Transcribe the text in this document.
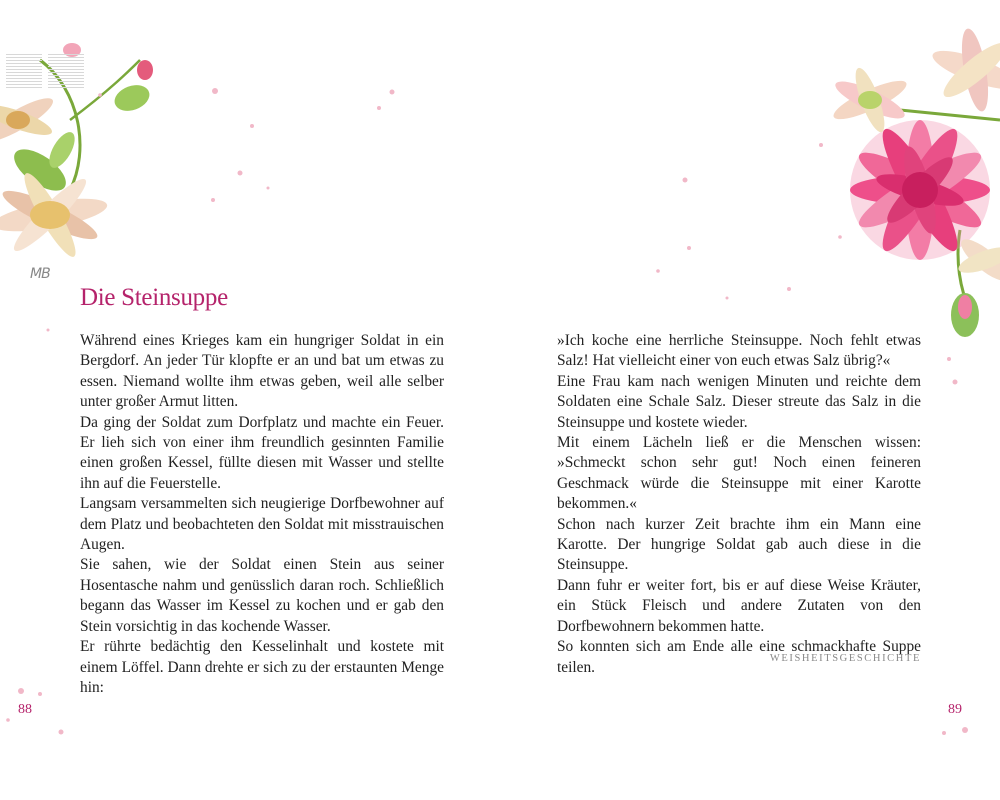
MB
Die Steinsuppe

Während eines Krieges kam ein hungriger Soldat in ein Bergdorf. An jeder Tür klopfte er an und bat um etwas zu essen. Niemand wollte ihm etwas geben, weil alle selber unter großer Armut litten.

Da ging der Soldat zum Dorfplatz und machte ein Feuer. Er lieh sich von einer ihm freundlich gesinnten Familie einen großen Kessel, füllte diesen mit Wasser und stellte ihn auf die Feuerstelle.

Langsam versammelten sich neugierige Dorfbewohner auf dem Platz und beobachteten den Soldat mit misstrauischen Augen.

Sie sahen, wie der Soldat einen Stein aus seiner Hosentasche nahm und genüsslich daran roch. Schließlich begann das Wasser im Kessel zu kochen und er gab den Stein vorsichtig in das kochende Wasser.

Er rührte bedächtig den Kesselinhalt und kostete mit einem Löffel. Dann drehte er sich zu der erstaunten Menge hin:

»Ich koche eine herrliche Steinsuppe. Noch fehlt etwas Salz! Hat vielleicht einer von euch etwas Salz übrig?«

Eine Frau kam nach wenigen Minuten und reichte dem Soldaten eine Schale Salz. Dieser streute das Salz in die Steinsuppe und kostete wieder.

Mit einem Lächeln ließ er die Menschen wissen: »Schmeckt schon sehr gut! Noch einen feineren Geschmack würde die Steinsuppe mit einer Karotte bekommen.«

Schon nach kurzer Zeit brachte ihm ein Mann eine Karotte. Der hungrige Soldat gab auch diese in die Steinsuppe.

Dann fuhr er weiter fort, bis er auf diese Weise Kräuter, ein Stück Fleisch und andere Zutaten von den Dorfbewohnern bekommen hatte.

So konnten sich am Ende alle eine schmackhafte Suppe teilen.	WEISHEITSGESCHICHTE
88	89
